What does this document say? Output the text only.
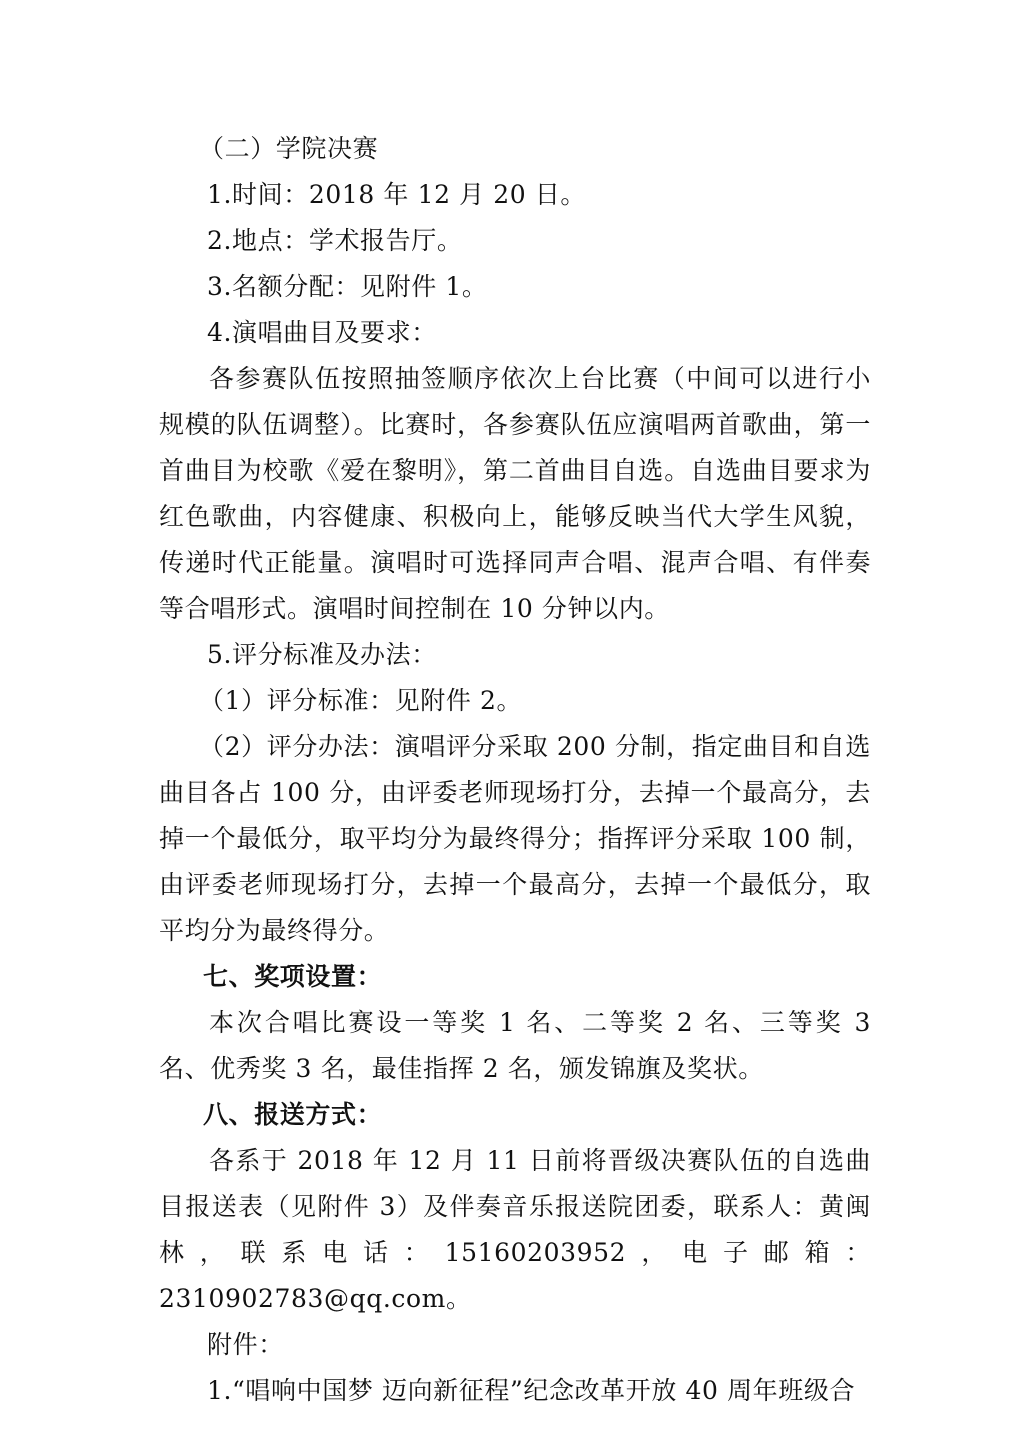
（二）学院决赛
1.时间：2018 年 12 月 20 日。
2.地点：学术报告厅。
3.名额分配：见附件 1。
4.演唱曲目及要求：
各参赛队伍按照抽签顺序依次上台比赛（中间可以进行小规模的队伍调整）。比赛时，各参赛队伍应演唱两首歌曲，第一首曲目为校歌《爱在黎明》，第二首曲目自选。自选曲目要求为红色歌曲，内容健康、积极向上，能够反映当代大学生风貌，传递时代正能量。演唱时可选择同声合唱、混声合唱、有伴奏等合唱形式。演唱时间控制在 10 分钟以内。
5.评分标准及办法：
（1）评分标准：见附件 2。
（2）评分办法：演唱评分采取 200 分制，指定曲目和自选曲目各占 100 分，由评委老师现场打分，去掉一个最高分，去掉一个最低分，取平均分为最终得分；指挥评分采取 100 制，由评委老师现场打分，去掉一个最高分，去掉一个最低分，取平均分为最终得分。
七、奖项设置：
本次合唱比赛设一等奖 1 名、二等奖 2 名、三等奖 3 名、优秀奖 3 名，最佳指挥 2 名，颁发锦旗及奖状。
八、报送方式：
各系于 2018 年 12 月 11 日前将晋级决赛队伍的自选曲目报送表（见附件 3）及伴奏音乐报送院团委，联系人：黄闽林，联系电话：15160203952，电子邮箱：2310902783@qq.com。
附件：
1.“唱响中国梦 迈向新征程”纪念改革开放 40 周年班级合
